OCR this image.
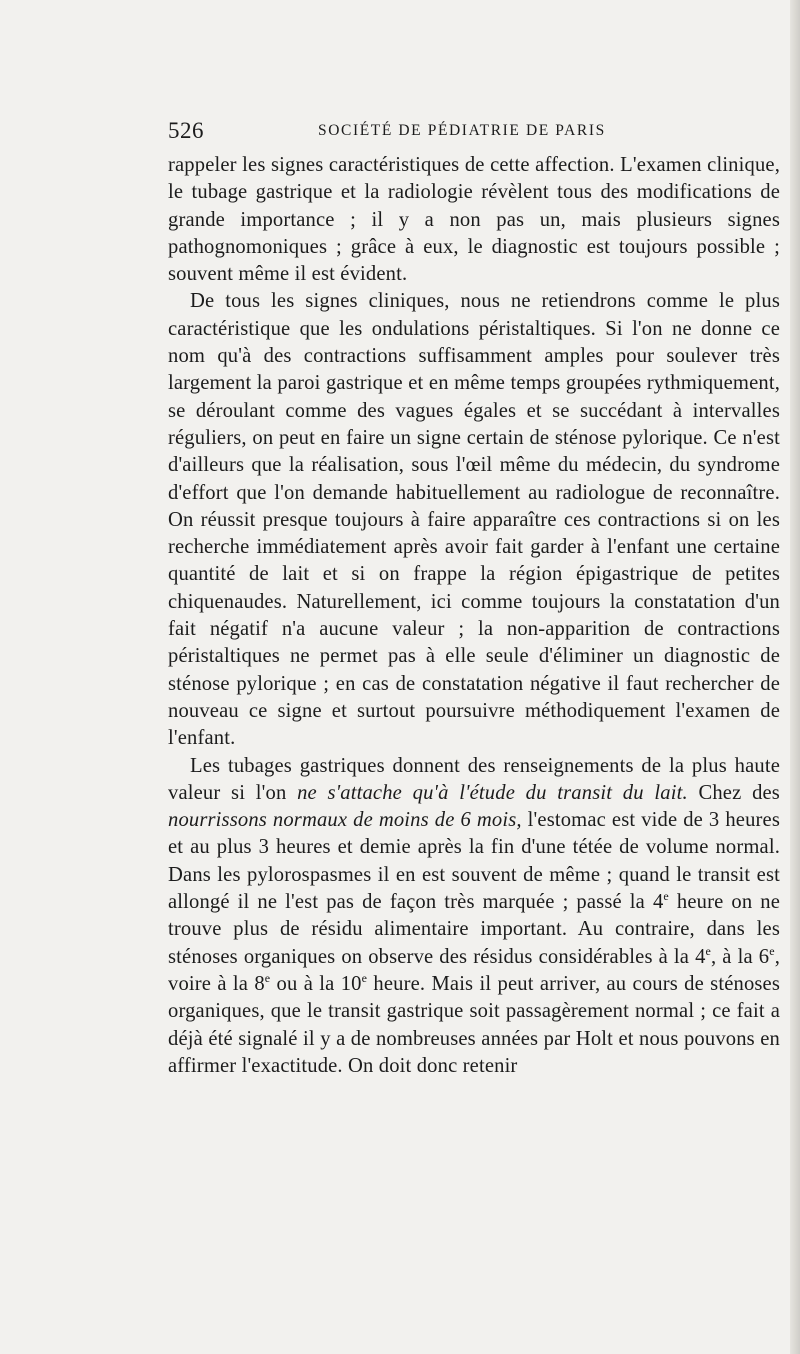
526	SOCIÉTÉ DE PÉDIATRIE DE PARIS

rappeler les signes caractéristiques de cette affection. L'examen clinique, le tubage gastrique et la radiologie révèlent tous des modifications de grande importance ; il y a non pas un, mais plusieurs signes pathognomoniques ; grâce à eux, le diagnostic est toujours possible ; souvent même il est évident.

De tous les signes cliniques, nous ne retiendrons comme le plus caractéristique que les ondulations péristaltiques. Si l'on ne donne ce nom qu'à des contractions suffisamment amples pour soulever très largement la paroi gastrique et en même temps groupées rythmiquement, se déroulant comme des vagues égales et se succédant à intervalles réguliers, on peut en faire un signe certain de sténose pylorique. Ce n'est d'ailleurs que la réalisation, sous l'œil même du médecin, du syndrome d'effort que l'on demande habituellement au radiologue de reconnaître. On réussit presque toujours à faire apparaître ces contractions si on les recherche immédiatement après avoir fait garder à l'enfant une certaine quantité de lait et si on frappe la région épigastrique de petites chiquenaudes. Naturellement, ici comme toujours la constatation d'un fait négatif n'a aucune valeur ; la non-apparition de contractions péristaltiques ne permet pas à elle seule d'éliminer un diagnostic de sténose pylorique ; en cas de constatation négative il faut rechercher de nouveau ce signe et surtout poursuivre méthodiquement l'examen de l'enfant.

Les tubages gastriques donnent des renseignements de la plus haute valeur si l'on ne s'attache qu'à l'étude du transit du lait. Chez des nourrissons normaux de moins de 6 mois, l'estomac est vide de 3 heures et au plus 3 heures et demie après la fin d'une tétée de volume normal. Dans les pylorospasmes il en est souvent de même ; quand le transit est allongé il ne l'est pas de façon très marquée ; passé la 4e heure on ne trouve plus de résidu alimentaire important. Au contraire, dans les sténoses organiques on observe des résidus considérables à la 4e, à la 6e, voire à la 8e ou à la 10e heure. Mais il peut arriver, au cours de sténoses organiques, que le transit gastrique soit passagèrement normal ; ce fait a déjà été signalé il y a de nombreuses années par Holt et nous pouvons en affirmer l'exactitude. On doit donc retenir
